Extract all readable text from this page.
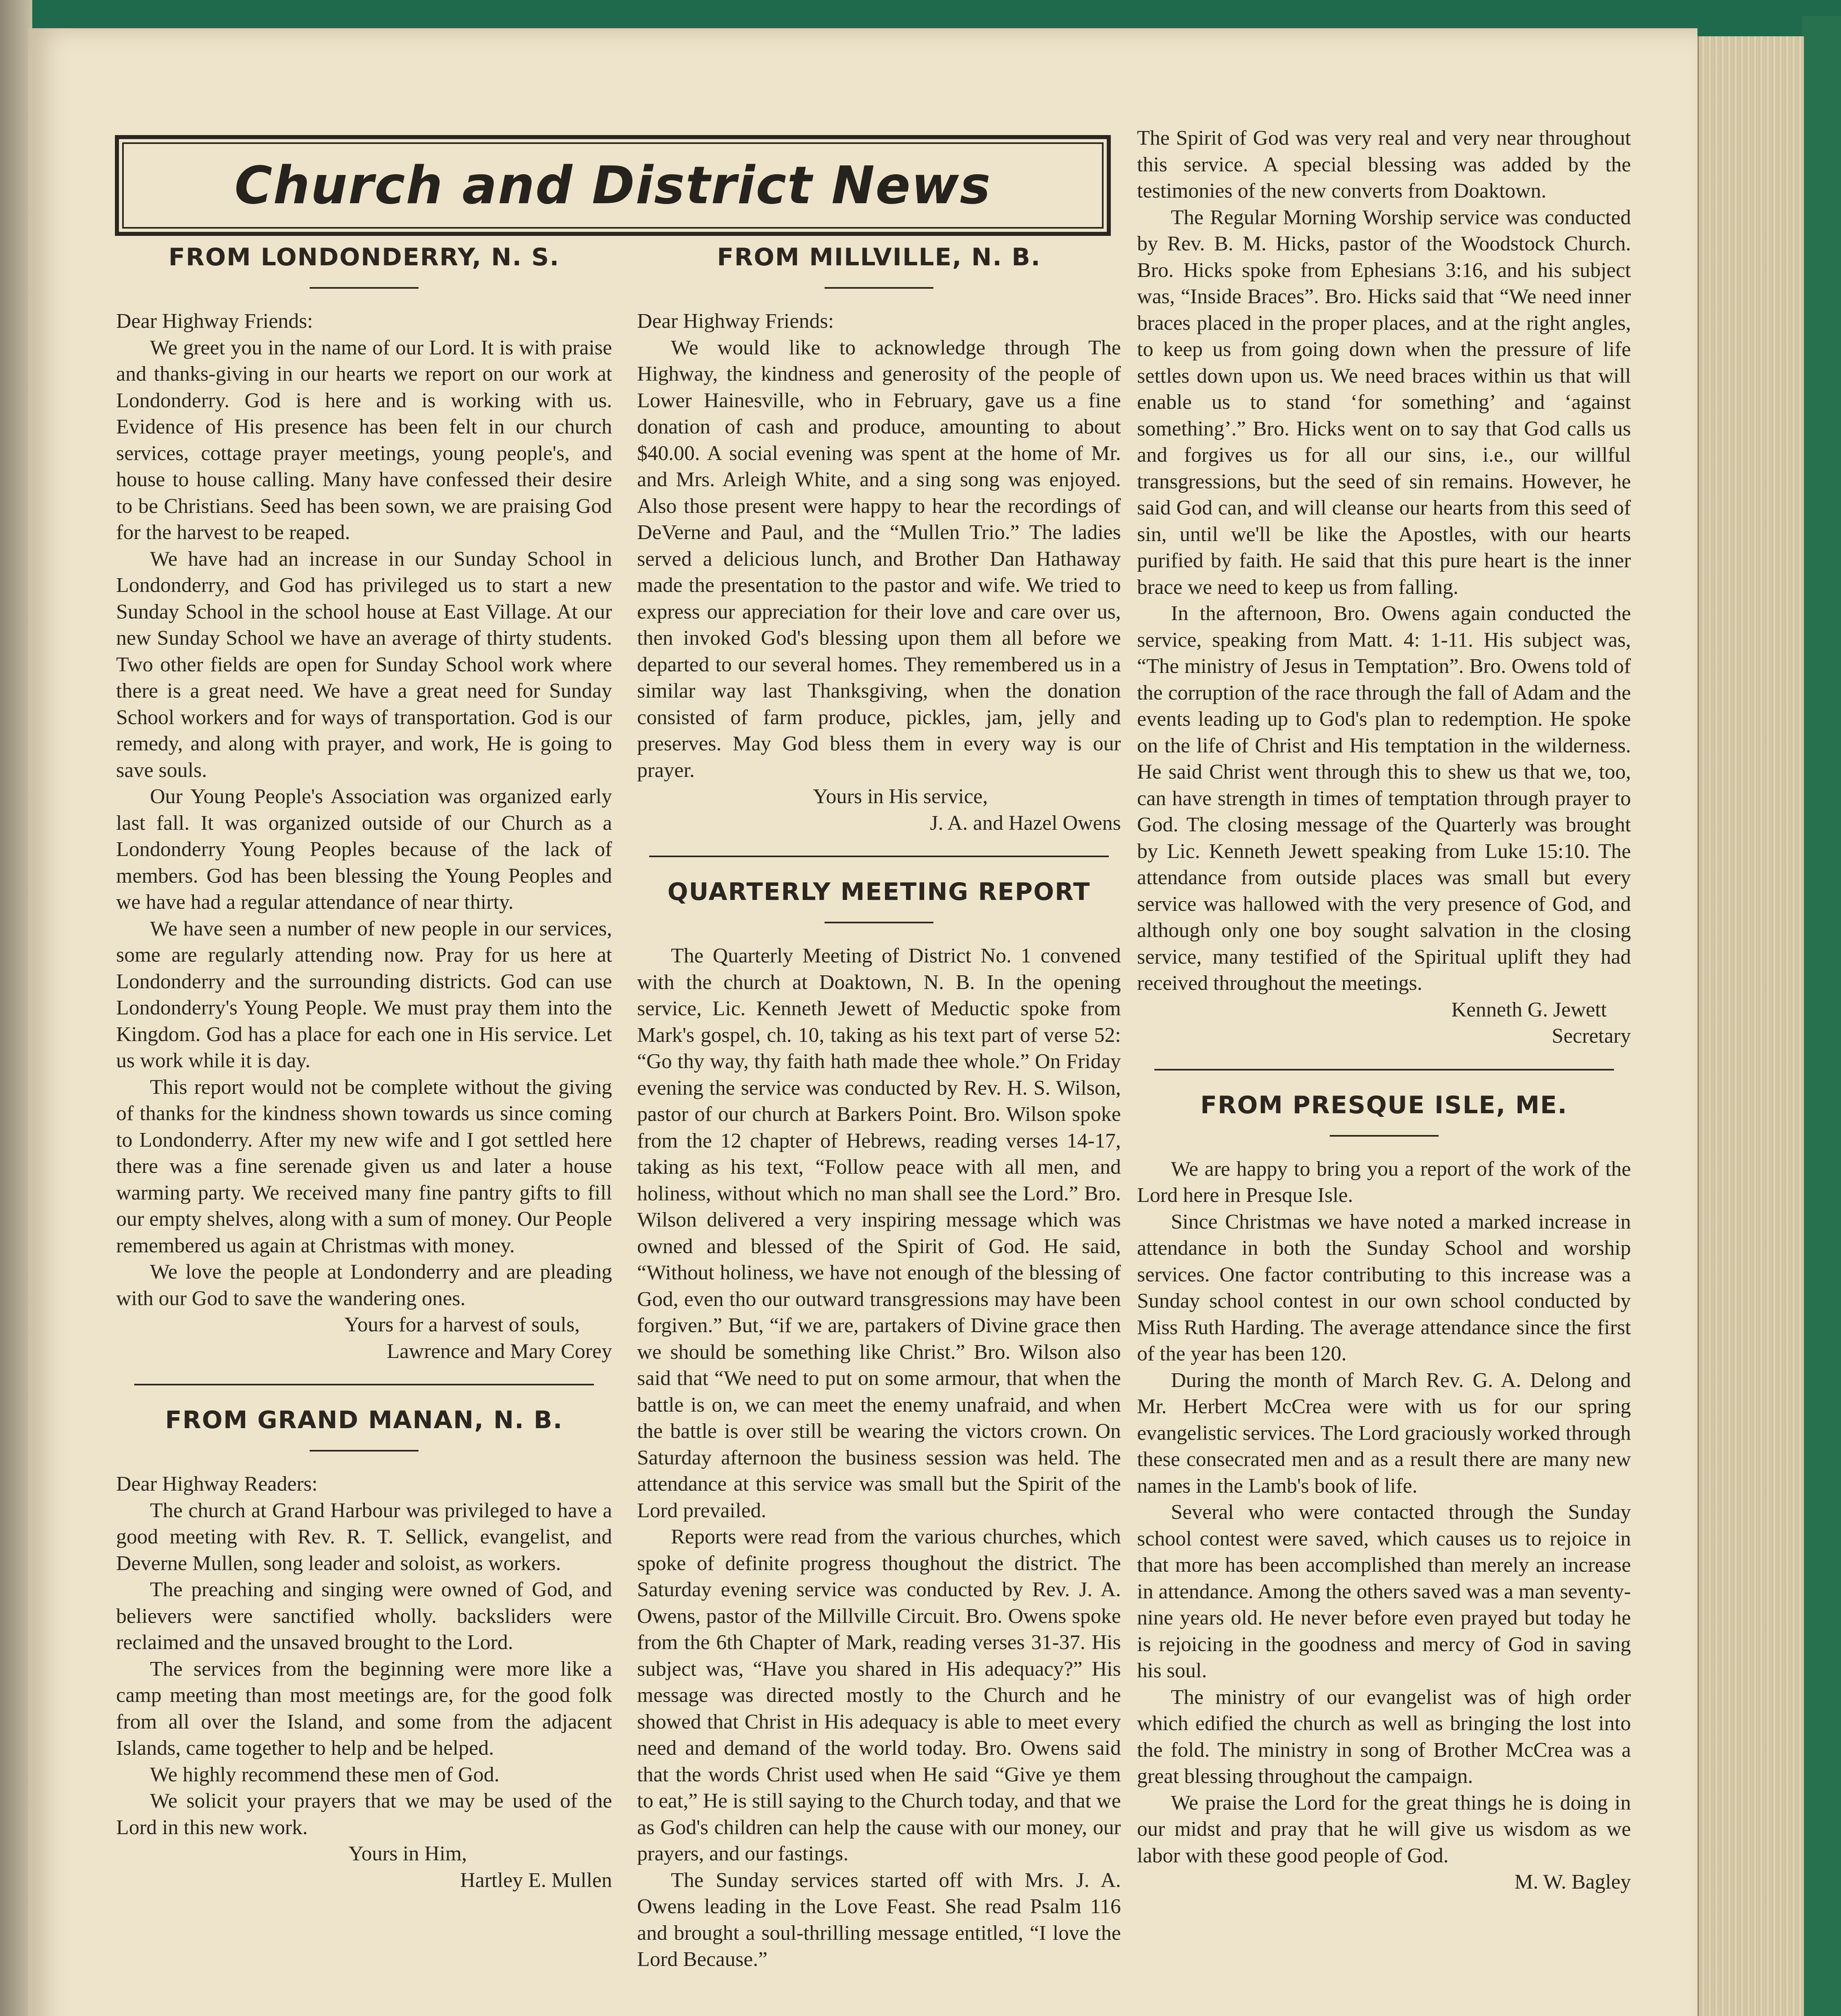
Church and District News
FROM LONDONDERRY, N. S.

Dear Highway Friends:

We greet you in the name of our Lord. It is with praise and thanks-giving in our hearts we report on our work at Londonderry. God is here and is working with us. Evidence of His presence has been felt in our church services, cottage prayer meetings, young people's, and house to house calling. Many have confessed their desire to be Christians. Seed has been sown, we are praising God for the harvest to be reaped.

We have had an increase in our Sunday School in Londonderry, and God has privileged us to start a new Sunday School in the school house at East Village. At our new Sunday School we have an average of thirty students. Two other fields are open for Sunday School work where there is a great need. We have a great need for Sunday School workers and for ways of transportation. God is our remedy, and along with prayer, and work, He is going to save souls.

Our Young People's Association was organized early last fall. It was organized outside of our Church as a Londonderry Young Peoples because of the lack of members. God has been blessing the Young Peoples and we have had a regular attendance of near thirty.

We have seen a number of new people in our services, some are regularly attending now. Pray for us here at Londonderry and the surrounding districts. God can use Londonderry's Young People. We must pray them into the Kingdom. God has a place for each one in His service. Let us work while it is day.

This report would not be complete without the giving of thanks for the kindness shown towards us since coming to Londonderry. After my new wife and I got settled here there was a fine serenade given us and later a house warming party. We received many fine pantry gifts to fill our empty shelves, along with a sum of money. Our People remembered us again at Christmas with money.

We love the people at Londonderry and are pleading with our God to save the wandering ones.

Yours for a harvest of souls,

Lawrence and Mary Corey

FROM GRAND MANAN, N. B.

Dear Highway Readers:

The church at Grand Harbour was privileged to have a good meeting with Rev. R. T. Sellick, evangelist, and Deverne Mullen, song leader and soloist, as workers.

The preaching and singing were owned of God, and believers were sanctified wholly. backsliders were reclaimed and the unsaved brought to the Lord.

The services from the beginning were more like a camp meeting than most meetings are, for the good folk from all over the Island, and some from the adjacent Islands, came together to help and be helped.

We highly recommend these men of God.

We solicit your prayers that we may be used of the Lord in this new work.

Yours in Him,

Hartley E. Mullen

FROM MILLVILLE, N. B.

Dear Highway Friends:

We would like to acknowledge through The Highway, the kindness and generosity of the people of Lower Hainesville, who in February, gave us a fine donation of cash and produce, amounting to about $40.00. A social evening was spent at the home of Mr. and Mrs. Arleigh White, and a sing song was enjoyed. Also those present were happy to hear the recordings of DeVerne and Paul, and the “Mullen Trio.” The ladies served a delicious lunch, and Brother Dan Hathaway made the presentation to the pastor and wife. We tried to express our appreciation for their love and care over us, then invoked God's blessing upon them all before we departed to our several homes. They remembered us in a similar way last Thanksgiving, when the donation consisted of farm produce, pickles, jam, jelly and preserves. May God bless them in every way is our prayer.

Yours in His service,

J. A. and Hazel Owens

QUARTERLY MEETING REPORT

The Quarterly Meeting of District No. 1 convened with the church at Doaktown, N. B. In the opening service, Lic. Kenneth Jewett of Meductic spoke from Mark's gospel, ch. 10, taking as his text part of verse 52: “Go thy way, thy faith hath made thee whole.” On Friday evening the service was conducted by Rev. H. S. Wilson, pastor of our church at Barkers Point. Bro. Wilson spoke from the 12 chapter of Hebrews, reading verses 14-17, taking as his text, “Follow peace with all men, and holiness, without which no man shall see the Lord.” Bro. Wilson delivered a very inspiring message which was owned and blessed of the Spirit of God. He said, “Without holiness, we have not enough of the blessing of God, even tho our outward transgressions may have been forgiven.” But, “if we are, partakers of Divine grace then we should be something like Christ.” Bro. Wilson also said that “We need to put on some armour, that when the battle is on, we can meet the enemy unafraid, and when the battle is over still be wearing the victors crown. On Saturday afternoon the business session was held. The attendance at this service was small but the Spirit of the Lord prevailed.

Reports were read from the various churches, which spoke of definite progress thoughout the district. The Saturday evening service was conducted by Rev. J. A. Owens, pastor of the Millville Circuit. Bro. Owens spoke from the 6th Chapter of Mark, reading verses 31-37. His subject was, “Have you shared in His adequacy?” His message was directed mostly to the Church and he showed that Christ in His adequacy is able to meet every need and demand of the world today. Bro. Owens said that the words Christ used when He said “Give ye them to eat,” He is still saying to the Church today, and that we as God's children can help the cause with our money, our prayers, and our fastings.

The Sunday services started off with Mrs. J. A. Owens leading in the Love Feast. She read Psalm 116 and brought a soul-thrilling message entitled, “I love the Lord Because.”

The Spirit of God was very real and very near throughout this service. A special blessing was added by the testimonies of the new converts from Doaktown.

The Regular Morning Worship service was conducted by Rev. B. M. Hicks, pastor of the Woodstock Church. Bro. Hicks spoke from Ephesians 3:16, and his subject was, “Inside Braces”. Bro. Hicks said that “We need inner braces placed in the proper places, and at the right angles, to keep us from going down when the pressure of life settles down upon us. We need braces within us that will enable us to stand ‘for something’ and ‘against something’.” Bro. Hicks went on to say that God calls us and forgives us for all our sins, i.e., our willful transgressions, but the seed of sin remains. However, he said God can, and will cleanse our hearts from this seed of sin, until we'll be like the Apostles, with our hearts purified by faith. He said that this pure heart is the inner brace we need to keep us from falling.

In the afternoon, Bro. Owens again conducted the service, speaking from Matt. 4: 1-11. His subject was, “The ministry of Jesus in Temptation”. Bro. Owens told of the corruption of the race through the fall of Adam and the events leading up to God's plan to redemption. He spoke on the life of Christ and His temptation in the wilderness. He said Christ went through this to shew us that we, too, can have strength in times of temptation through prayer to God. The closing message of the Quarterly was brought by Lic. Kenneth Jewett speaking from Luke 15:10. The attendance from outside places was small but every service was hallowed with the very presence of God, and although only one boy sought salvation in the closing service, many testified of the Spiritual uplift they had received throughout the meetings.

Kenneth G. Jewett

Secretary

FROM PRESQUE ISLE, ME.

We are happy to bring you a report of the work of the Lord here in Presque Isle.

Since Christmas we have noted a marked increase in attendance in both the Sunday School and worship services. One factor contributing to this increase was a Sunday school contest in our own school conducted by Miss Ruth Harding. The average attendance since the first of the year has been 120.

During the month of March Rev. G. A. Delong and Mr. Herbert McCrea were with us for our spring evangelistic services. The Lord graciously worked through these consecrated men and as a result there are many new names in the Lamb's book of life.

Several who were contacted through the Sunday school contest were saved, which causes us to rejoice in that more has been accomplished than merely an increase in attendance. Among the others saved was a man seventy-nine years old. He never before even prayed but today he is rejoicing in the goodness and mercy of God in saving his soul.

The ministry of our evangelist was of high order which edified the church as well as bringing the lost into the fold. The ministry in song of Brother McCrea was a great blessing throughout the campaign.

We praise the Lord for the great things he is doing in our midst and pray that he will give us wisdom as we labor with these good people of God.

M. W. Bagley
